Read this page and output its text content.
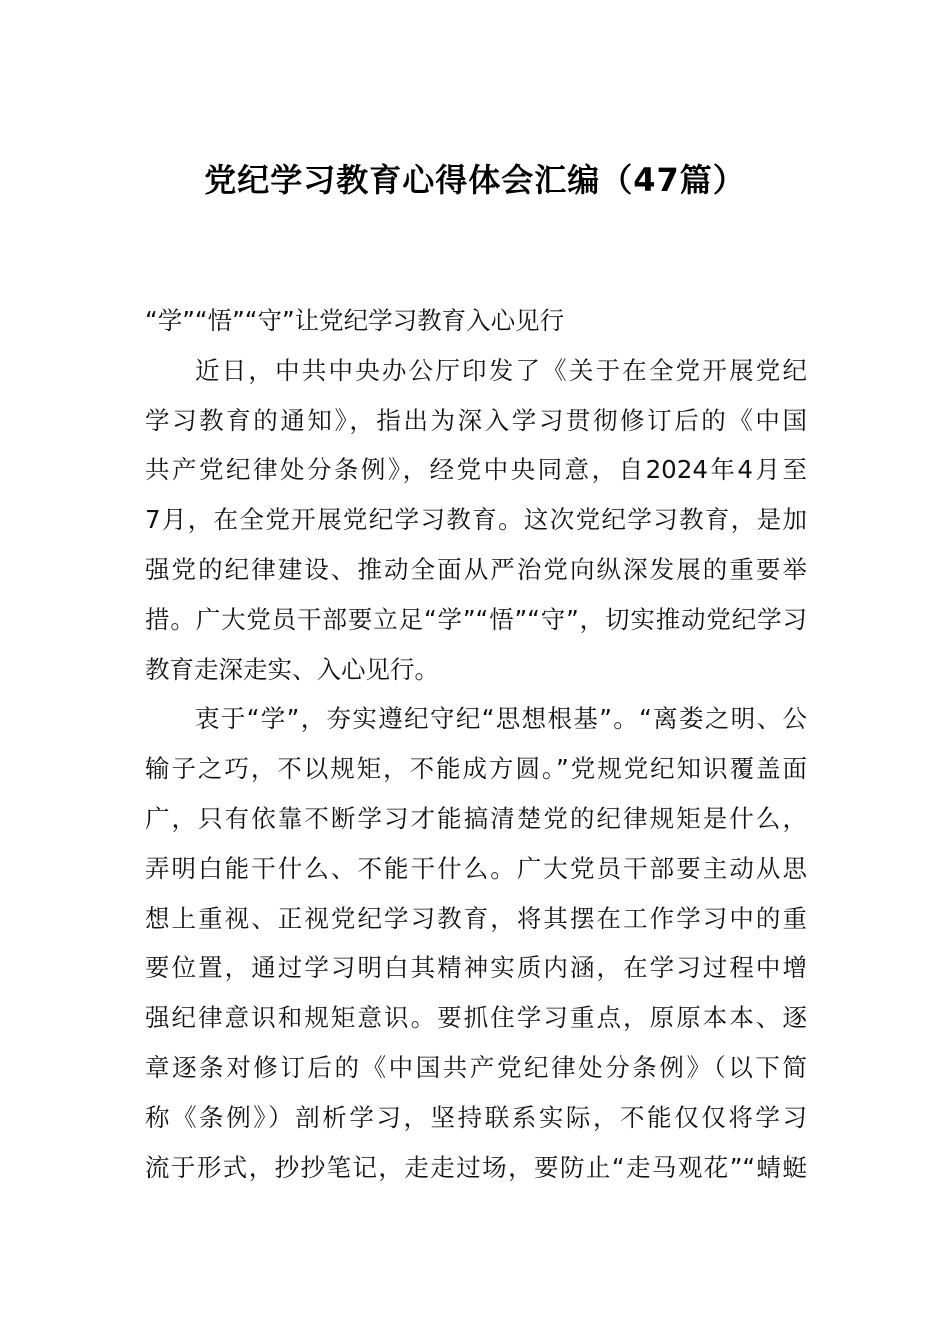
党纪学习教育心得体会汇编（47篇）

“学”“悟”“守”让党纪学习教育入心见行

近日，中共中央办公厅印发了《关于在全党开展党纪
学习教育的通知》，指出为深入学习贯彻修订后的《中国
共产党纪律处分条例》，经党中央同意，自2024年4月至
7月，在全党开展党纪学习教育。这次党纪学习教育，是加
强党的纪律建设、推动全面从严治党向纵深发展的重要举
措。广大党员干部要立足“学”“悟”“守”，切实推动党纪学习
教育走深走实、入心见行。

衷于“学”，夯实遵纪守纪“思想根基”。“离娄之明、公
输子之巧，不以规矩，不能成方圆。”党规党纪知识覆盖面
广，只有依靠不断学习才能搞清楚党的纪律规矩是什么，
弄明白能干什么、不能干什么。广大党员干部要主动从思
想上重视、正视党纪学习教育，将其摆在工作学习中的重
要位置，通过学习明白其精神实质内涵，在学习过程中增
强纪律意识和规矩意识。要抓住学习重点，原原本本、逐
章逐条对修订后的《中国共产党纪律处分条例》（以下简
称《条例》）剖析学习，坚持联系实际，不能仅仅将学习
流于形式，抄抄笔记，走走过场，要防止“走马观花”“蜻蜓
